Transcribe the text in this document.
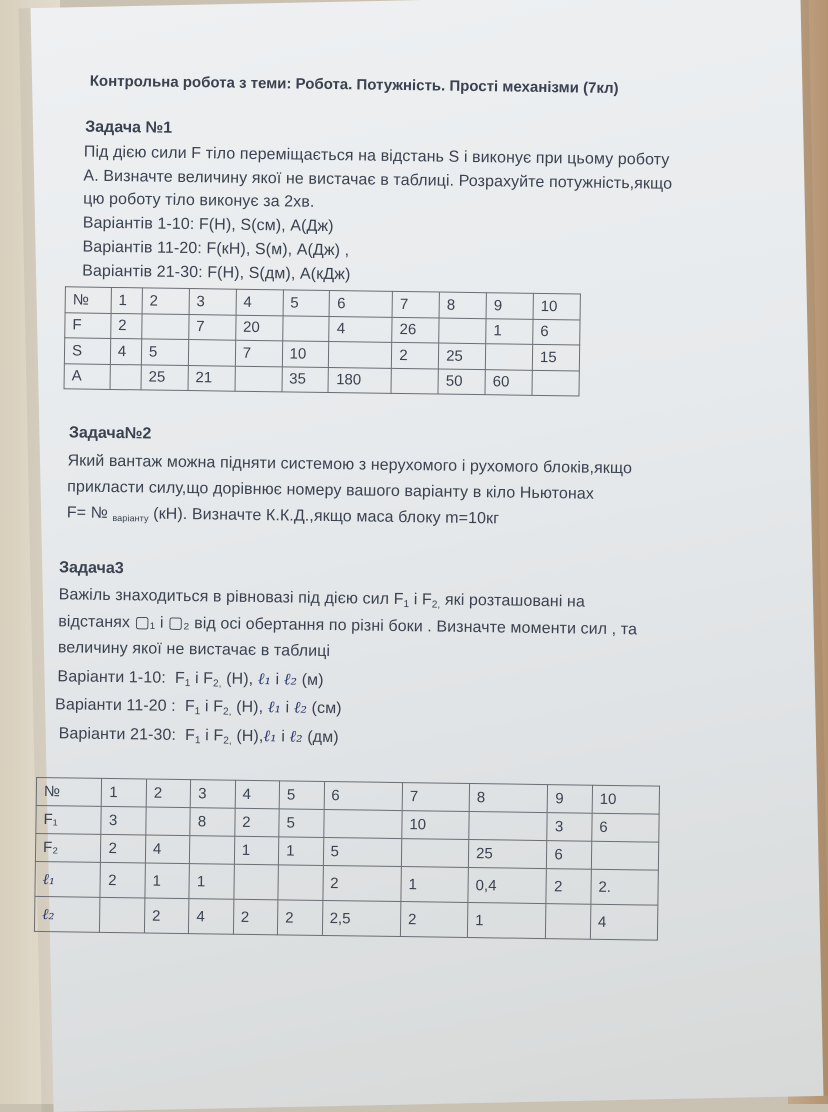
Контрольна робота з теми: Робота. Потужність. Прості механізми (7кл)
Задача №1
Під дією сили F тіло переміщається на відстань S і виконує при цьому роботу
А. Визначте величину якої не вистачає в таблиці. Розрахуйте потужність,якщо
цю роботу тіло виконує за 2хв.
Варіантів 1-10: F(Н), S(см), А(Дж)
Варіантів 11-20: F(кН), S(м), А(Дж) ,
Варіантів 21-30: F(Н), S(дм), А(кДж)
№	1	2	3	4	5	6	7	8	9	10
F	2		7	20		4	26		1	6
S	4	5		7	10		2	25		15
А		25	21		35	180		50	60	
Задача№2
Який вантаж можна підняти системою з нерухомого і рухомого блоків,якщо
прикласти силу,що дорівнює номеру вашого варіанту в кіло Ньютонах
F= № $_{варіанту}$ (кН). Визначте К.К.Д.,якщо маса блоку m=10кг
Задача3
Важіль знаходиться в рівновазі під дією сил F1 і F2, які розташовані на
відстанях ▢₁ і ▢₂ від осі обертання по різні боки . Визначте моменти сил , та
величину якої не вистачає в таблиці
Варіанти 1-10:  F1 і F2, (Н), ℓ₁ і ℓ₂ (м)
Варіанти 11-20 :  F1 і F2, (Н), ℓ₁ і ℓ₂ (см)
Варіанти 21-30:  F1 і F2, (Н),ℓ₁ і ℓ₂ (дм)
№	1	2	3	4	5	6	7	8	9	10
F₁	3		8	2	5		10		3	6
F₂	2	4		1	1	5		25	6	
ℓ₁	2	1	1			2	1	0,4	2	2.
ℓ₂		2	4	2	2	2,5	2	1		4
